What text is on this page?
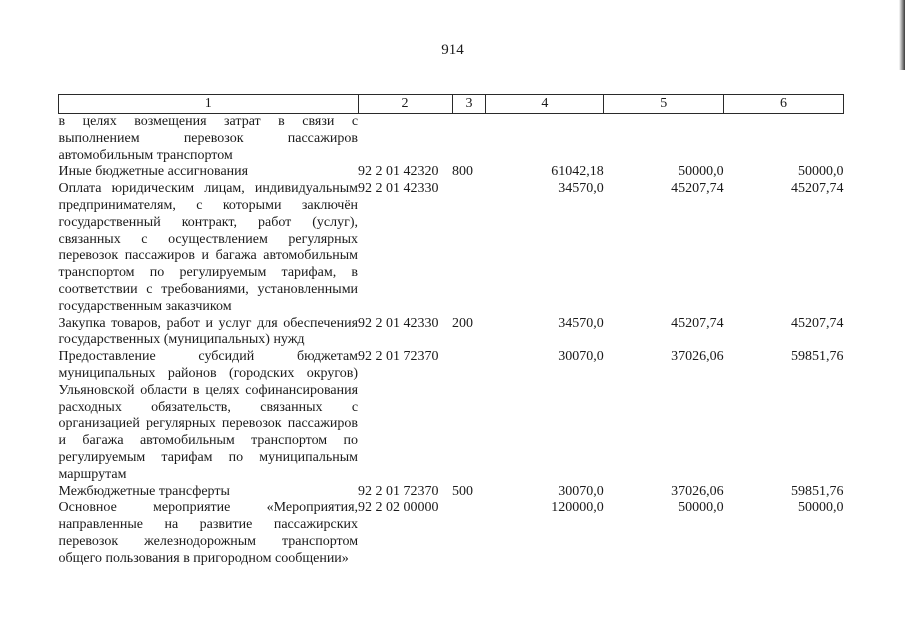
914
1	2	3	4	5	6
в целях возмещения затрат в связи с выполнением перевозок пассажиров автомобильным транспортом					
Иные бюджетные ассигнования	92 2 01 42320	800	61042,18	50000,0	50000,0
Оплата юридическим лицам, индивидуальным предпринимателям, с которыми заключён государственный контракт, работ (услуг), связанных с осуществлением регулярных перевозок пассажиров и багажа автомобильным транспортом по регулируемым тарифам, в соответствии с требованиями, установленными государственным заказчиком	92 2 01 42330		34570,0	45207,74	45207,74
Закупка товаров, работ и услуг для обеспечения государственных (муниципальных) нужд	92 2 01 42330	200	34570,0	45207,74	45207,74
Предоставление субсидий бюджетам муниципальных районов (городских округов) Ульяновской области в целях софинансирования расходных обязательств, связанных с организацией регулярных перевозок пассажиров и багажа автомобильным транспортом по регулируемым тарифам по муниципальным маршрутам	92 2 01 72370		30070,0	37026,06	59851,76
Межбюджетные трансферты	92 2 01 72370	500	30070,0	37026,06	59851,76
Основное мероприятие «Мероприятия, направленные на развитие пассажирских перевозок железнодорожным транспортом общего пользования в пригородном сообщении»	92 2 02 00000		120000,0	50000,0	50000,0
